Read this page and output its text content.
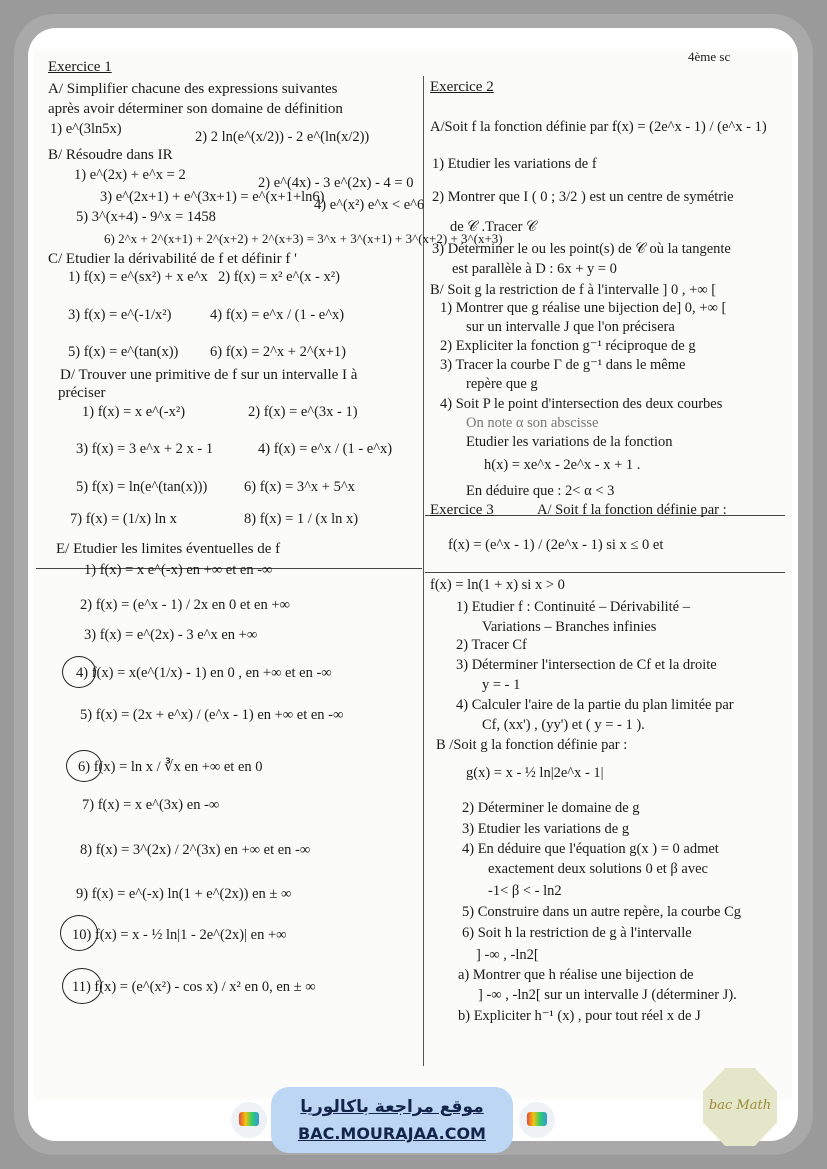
4ème sc
Exercice 1
A/ Simplifier chacune des expressions suivantes
après avoir déterminer son domaine de définition
1) e^(3ln5x)	2) 2 ln(e^(x/2)) - 2 e^(ln(x/2))
B/ Résoudre dans IR
1) e^(2x) + e^x = 2	2) e^(4x) - 3 e^(2x) - 4 = 0
3) e^(2x+1) + e^(3x+1) = e^(x+1+ln6)
4) e^(x²) e^x < e^6
5) 3^(x+4) - 9^x = 1458
6) 2^x + 2^(x+1) + 2^(x+2) + 2^(x+3) = 3^x + 3^(x+1) + 3^(x+2) + 3^(x+3)
C/ Etudier la dérivabilité de f et définir f '
1) f(x) = e^(sx²) + x e^x 2) f(x) = x² e^(x - x²)
3) f(x) = e^(-1/x²)	4) f(x) = e^x / (1 - e^x)
5) f(x) = e^(tan(x)) 6) f(x) = 2^x + 2^(x+1)
D/ Trouver une primitive de f sur un intervalle I à
préciser
1) f(x) = x e^(-x²)	2) f(x) = e^(3x - 1)
3) f(x) = 3 e^x + 2 x - 1	4) f(x) = e^x / (1 - e^x)
5) f(x) = ln(e^(tan(x)))	6) f(x) = 3^x + 5^x
7) f(x) = (1/x) ln x	8) f(x) = 1 / (x ln x)
E/ Etudier les limites éventuelles de f
1) f(x) = x e^(-x) en +∞ et en -∞
2) f(x) = (e^x - 1) / 2x en 0 et en +∞
3) f(x) = e^(2x) - 3 e^x en +∞
4) f(x) = x(e^(1/x) - 1) en 0 , en +∞ et en -∞
5) f(x) = (2x + e^x) / (e^x - 1) en +∞ et en -∞
6) f(x) = ln x / ∛x en +∞ et en 0
7) f(x) = x e^(3x) en -∞
8) f(x) = 3^(2x) / 2^(3x) en +∞ et en -∞
9) f(x) = e^(-x) ln(1 + e^(2x)) en ± ∞
10) f(x) = x - ½ ln|1 - 2e^(2x)| en +∞
11) f(x) = (e^(x²) - cos x) / x² en 0, en ± ∞
Exercice 2
A/Soit f la fonction définie par :
f(x) = (2e^x - 1) / (e^x - 1)
1) Etudier les variations de f
2) Montrer que I ( 0 ; 3/2 ) est un centre de symétrie
de 𝒞 .Tracer 𝒞
3) Déterminer le ou les point(s) de 𝒞 où la tangente
est parallèle à D : 6x + y = 0
B/ Soit g la restriction de f à l'intervalle ] 0 , +∞ [
1) Montrer que g réalise une bijection de] 0, +∞ [
sur un intervalle J que l'on précisera
2) Expliciter la fonction g⁻¹ réciproque de g
3) Tracer la courbe Γ de g⁻¹ dans le même
repère que g
4) Soit P le point d'intersection des deux courbes
On note α son abscisse
Etudier les variations de la fonction
h(x) = xe^x - 2e^x - x + 1 .
En déduire que : 2< α < 3
Exercice 3	A/ Soit f la fonction définie par :
f(x) = (e^x - 1) / (2e^x - 1) si x ≤ 0 et
f(x) = ln(1 + x) si x > 0
1) Etudier f : Continuité – Dérivabilité –
Variations – Branches infinies
2) Tracer Cf
3) Déterminer l'intersection de Cf et la droite
y = - 1
4) Calculer l'aire de la partie du plan limitée par
Cf, (xx') , (yy') et ( y = - 1 ).
B /Soit g la fonction définie par :
g(x) = x - ½ ln|2e^x - 1|
2) Déterminer le domaine de g
3) Etudier les variations de g
4) En déduire que l'équation g(x ) = 0 admet
exactement deux solutions 0 et β avec
-1< β < - ln2
5) Construire dans un autre repère, la courbe Cg
6) Soit h la restriction de g à l'intervalle
] -∞ , -ln2[
a) Montrer que h réalise une bijection de
] -∞ , -ln2[ sur un intervalle J (déterminer J).
b) Expliciter h⁻¹ (x) , pour tout réel x de J
موقع مراجعة باكالوريا
BAC.MOURAJAA.COM
bac Math
